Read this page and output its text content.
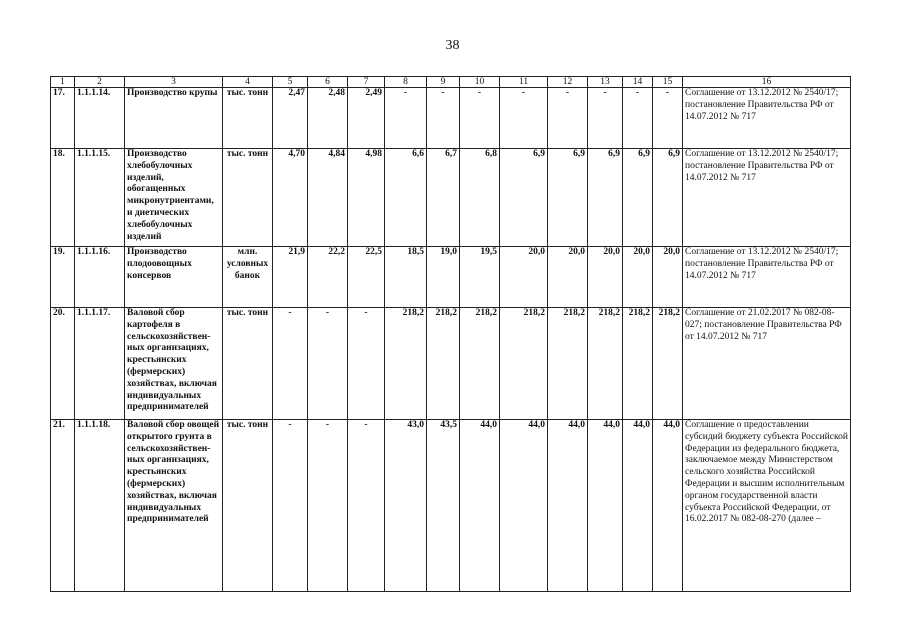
38
1	2	3	4	5	6	7	8	9	10	11	12	13	14	15	16
17.	1.1.1.14.	Производство крупы	тыс. тонн	2,47	2,48	2,49	-	-	-	-	-	-	-	-	Соглашение от 13.12.2012 № 2540/17; постановление Правительства РФ от 14.07.2012 № 717
18.	1.1.1.15.	Производство хлебобулочных изделий, обогащенных микронутриентами, и диетических хлебобулочных изделий	тыс. тонн	4,70	4,84	4,98	6,6	6,7	6,8	6,9	6,9	6,9	6,9	6,9	Соглашение от 13.12.2012 № 2540/17; постановление Правительства РФ от 14.07.2012 № 717
19.	1.1.1.16.	Производство плодоовощных консервов	млн. условных банок	21,9	22,2	22,5	18,5	19,0	19,5	20,0	20,0	20,0	20,0	20,0	Соглашение от 13.12.2012 № 2540/17; постановление Правительства РФ от 14.07.2012 № 717
20.	1.1.1.17.	Валовой сбор картофеля в сельскохозяйствен-ных организациях, крестьянских (фермерских) хозяйствах, включая индивидуальных предпринимателей	тыс. тонн	-	-	-	218,2	218,2	218,2	218,2	218,2	218,2	218,2	218,2	Соглашение от 21.02.2017 № 082-08-027; постановление Правительства РФ от 14.07.2012 № 717
21.	1.1.1.18.	Валовой сбор овощей открытого грунта в сельскохозяйствен-ных организациях, крестьянских (фермерских) хозяйствах, включая индивидуальных предпринимателей	тыс. тонн	-	-	-	43,0	43,5	44,0	44,0	44,0	44,0	44,0	44,0	Соглашение о предоставлении субсидий бюджету субъекта Российской Федерации из федерального бюджета, заключаемое между Министерством сельского хозяйства Российской Федерации и высшим исполнительным органом государственной власти субъекта Российской Федерации, от 16.02.2017 № 082-08-270 (далее –
